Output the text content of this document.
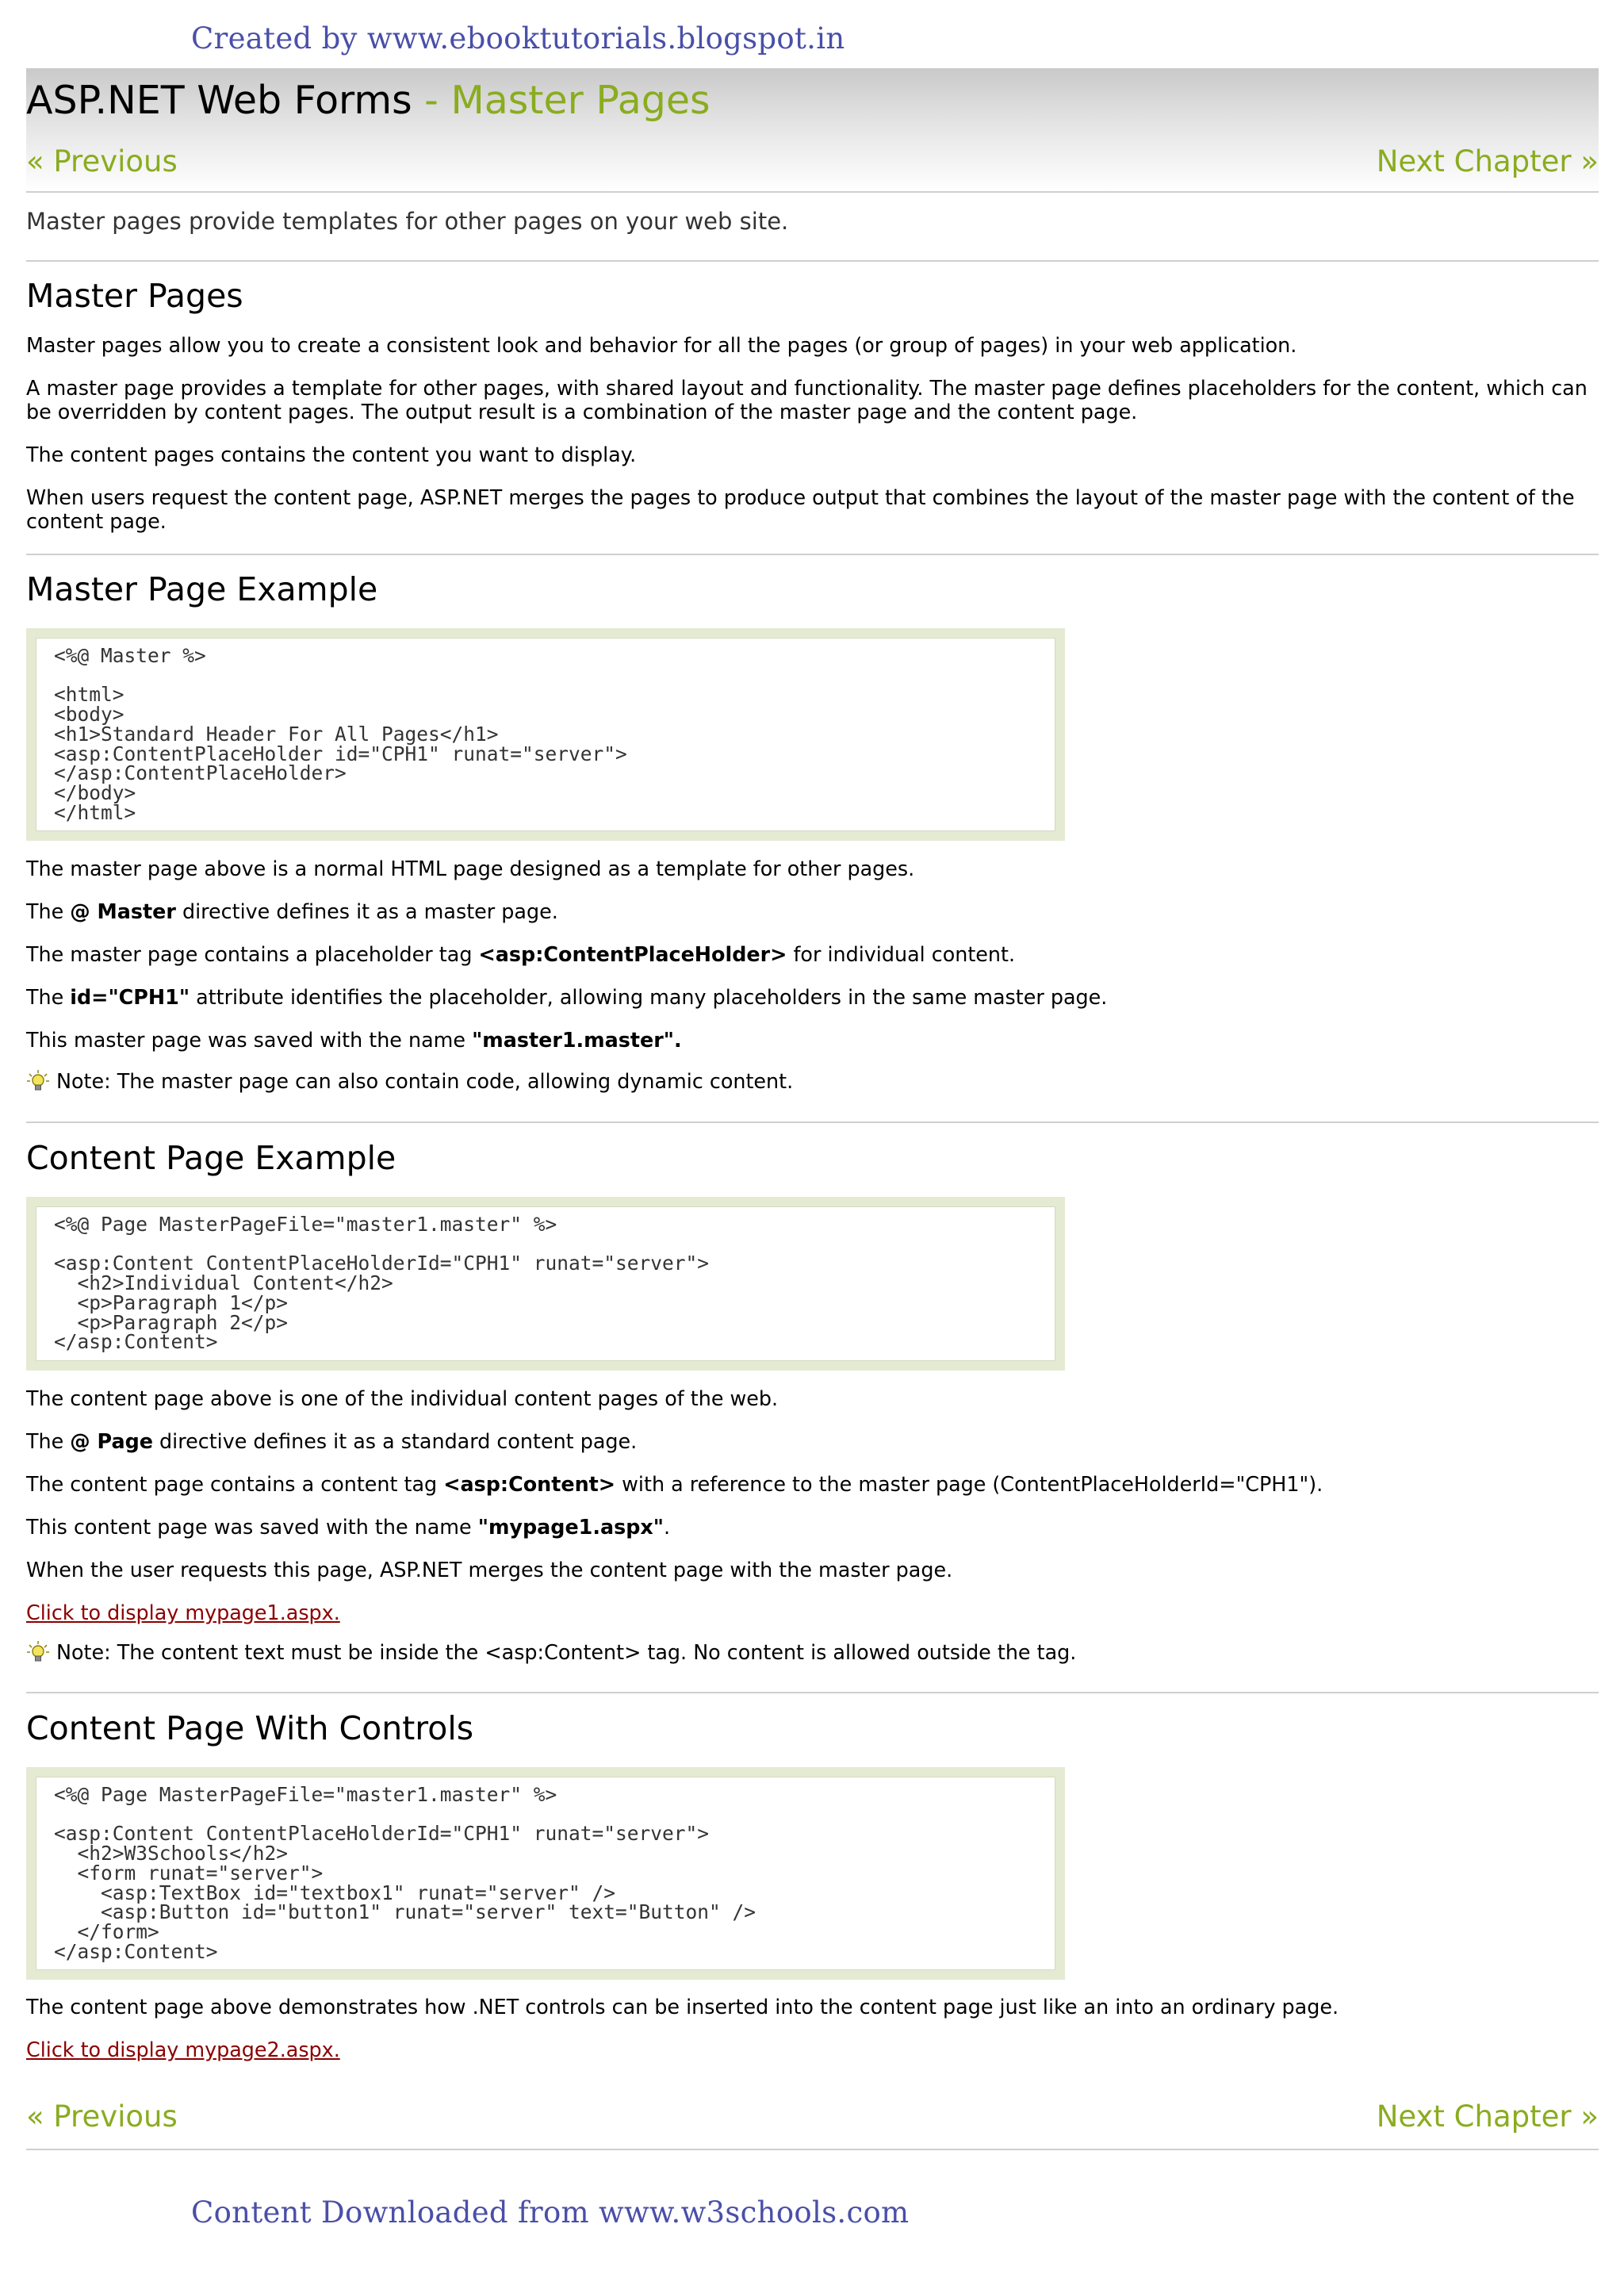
Created by www.ebooktutorials.blogspot.in
ASP.NET Web Forms - Master Pages
« Previous	Next Chapter »
Master pages provide templates for other pages on your web site.
Master Pages

Master pages allow you to create a consistent look and behavior for all the pages (or group of pages) in your web application.

A master page provides a template for other pages, with shared layout and functionality. The master page defines placeholders for the content, which can be overridden by content pages. The output result is a combination of the master page and the content page.

The content pages contains the content you want to display.

When users request the content page, ASP.NET merges the pages to produce output that combines the layout of the master page with the content of the content page.

Master Page Example
<%@ Master %>

<html>
<body>
<h1>Standard Header For All Pages</h1>
<asp:ContentPlaceHolder id="CPH1" runat="server">
</asp:ContentPlaceHolder>
</body>
</html>

The master page above is a normal HTML page designed as a template for other pages.

The @ Master directive defines it as a master page.

The master page contains a placeholder tag <asp:ContentPlaceHolder> for individual content.

The id="CPH1" attribute identifies the placeholder, allowing many placeholders in the same master page.

This master page was saved with the name "master1.master".

Note: The master page can also contain code, allowing dynamic content.
Content Page Example
<%@ Page MasterPageFile="master1.master" %>

<asp:Content ContentPlaceHolderId="CPH1" runat="server">
<h2>Individual Content</h2>
<p>Paragraph 1</p>
<p>Paragraph 2</p>
</asp:Content>

The content page above is one of the individual content pages of the web.

The @ Page directive defines it as a standard content page.

The content page contains a content tag <asp:Content> with a reference to the master page (ContentPlaceHolderId="CPH1").

This content page was saved with the name "mypage1.aspx".

When the user requests this page, ASP.NET merges the content page with the master page.

Click to display mypage1.aspx.
Note: The content text must be inside the <asp:Content> tag. No content is allowed outside the tag.
Content Page With Controls
<%@ Page MasterPageFile="master1.master" %>

<asp:Content ContentPlaceHolderId="CPH1" runat="server">
<h2>W3Schools</h2>
<form runat="server">
<asp:TextBox id="textbox1" runat="server" />
<asp:Button id="button1" runat="server" text="Button" />
</form>
</asp:Content>

The content page above demonstrates how .NET controls can be inserted into the content page just like an into an ordinary page.

Click to display mypage2.aspx.
« Previous	Next Chapter »
Content Downloaded from www.w3schools.com
